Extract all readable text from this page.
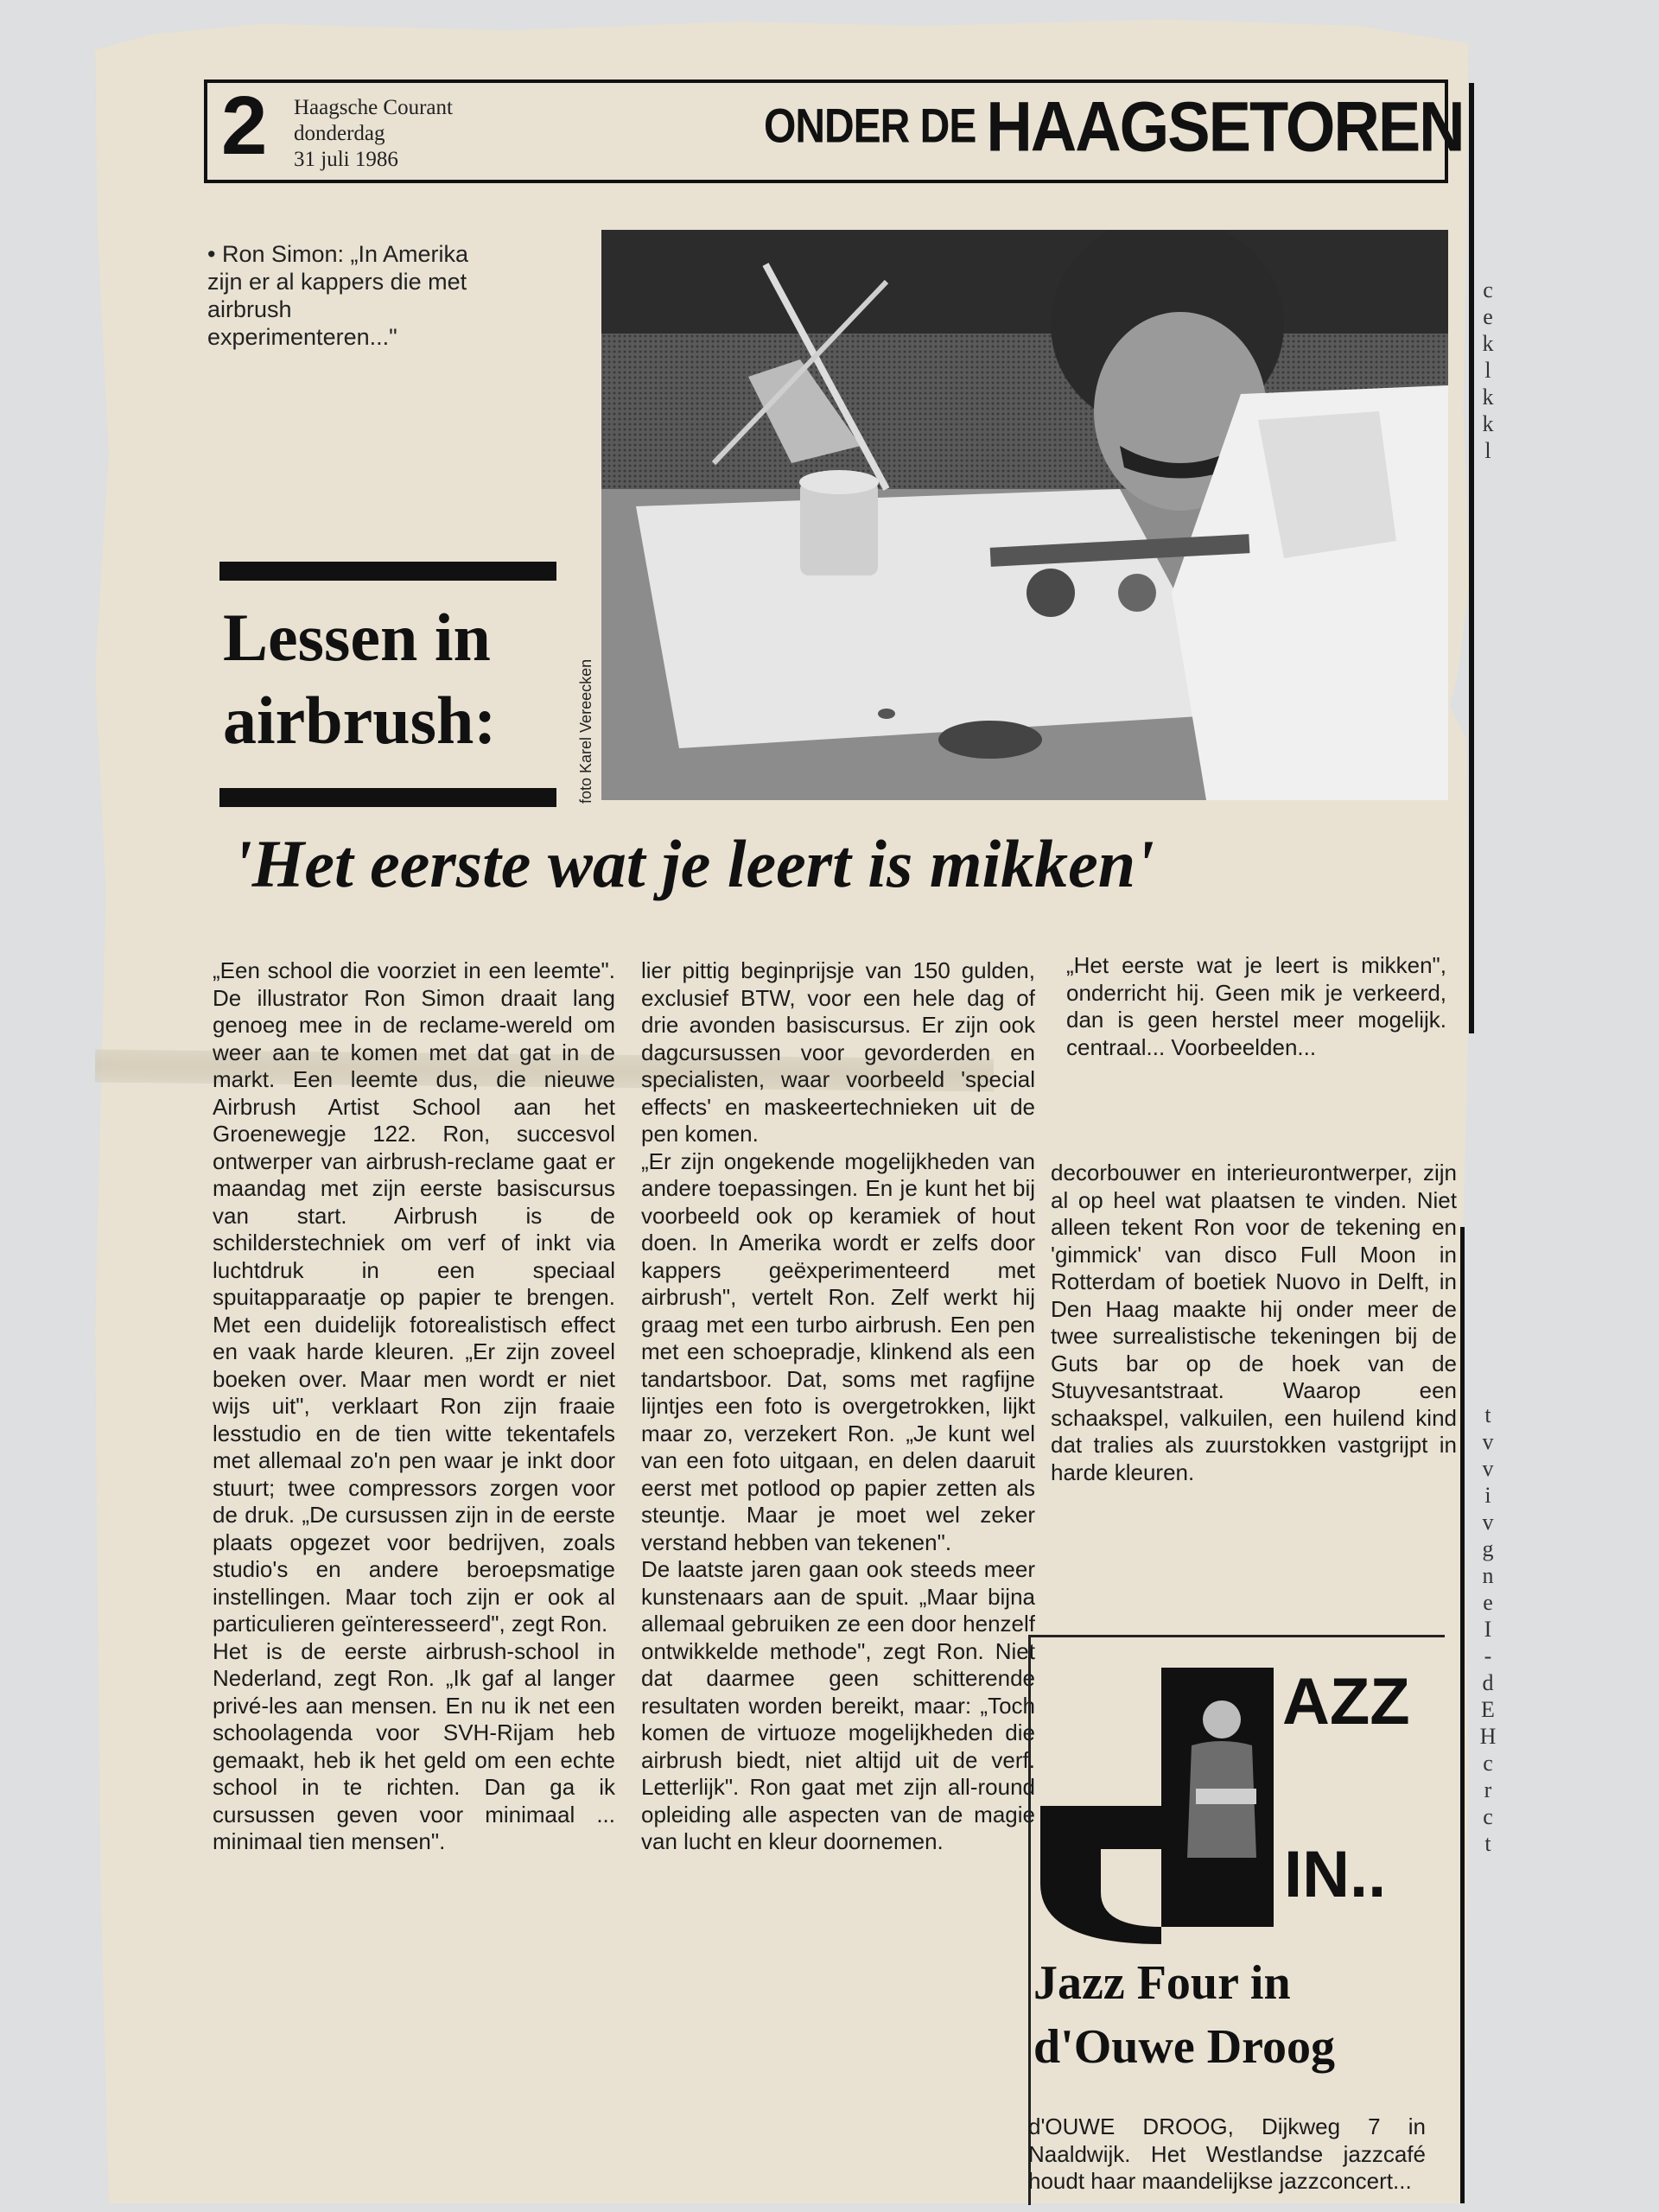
2 Haagsche Courant
donderdag
31 juli 1986
ONDER DE HAAGSETOREN
• Ron Simon: „In Amerika zijn er al kappers die met airbrush experimenteren..."
foto Karel Vereecken
Lessen in
airbrush:
'Het eerste wat je leert is mikken'
„Een school die voorziet in een leemte". De illustrator Ron Simon draait lang genoeg mee in de reclame-wereld om weer aan te komen met dat gat in de markt. Een leemte dus, die nieuwe Airbrush Artist School aan het Groenewegje 122. Ron, succesvol ontwerper van airbrush-reclame gaat er maandag met zijn eerste basiscursus van start. Airbrush is de schilderstechniek om verf of inkt via luchtdruk in een speciaal spuitapparaatje op papier te brengen. Met een duidelijk fotorealistisch effect en vaak harde kleuren. „Er zijn zoveel boeken over. Maar men wordt er niet wijs uit", verklaart Ron zijn fraaie lesstudio en de tien witte tekentafels met allemaal zo'n pen waar je inkt door stuurt; twee compressors zorgen voor de druk. „De cursussen zijn in de eerste plaats opgezet voor bedrijven, zoals studio's en andere beroepsmatige instellingen. Maar toch zijn er ook al particulieren geïnteresseerd", zegt Ron.
Het is de eerste airbrush-school in Nederland, zegt Ron. „Ik gaf al langer privé-les aan mensen. En nu ik net een schoolagenda voor SVH-Rijam heb gemaakt, heb ik het geld om een echte school in te richten. Dan ga ik cursussen geven voor minimaal ... minimaal tien mensen".
lier pittig beginprijsje van 150 gulden, exclusief BTW, voor een hele dag of drie avonden basiscursus. Er zijn ook dagcursussen voor gevorderden en specialisten, waar voorbeeld 'special effects' en maskeertechnieken uit de pen komen.
„Er zijn ongekende mogelijkheden van andere toepassingen. En je kunt het bij voorbeeld ook op keramiek of hout doen. In Amerika wordt er zelfs door kappers geëxperimenteerd met airbrush", vertelt Ron. Zelf werkt hij graag met een turbo airbrush. Een pen met een schoepradje, klinkend als een tandartsboor. Dat, soms met ragfijne lijntjes een foto is overgetrokken, lijkt maar zo, verzekert Ron. „Je kunt wel van een foto uitgaan, en delen daaruit eerst met potlood op papier zetten als steuntje. Maar je moet wel zeker verstand hebben van tekenen".
De laatste jaren gaan ook steeds meer kunstenaars aan de spuit. „Maar bijna allemaal gebruiken ze een door henzelf ontwikkelde methode", zegt Ron. Niet dat daarmee geen schitterende resultaten worden bereikt, maar: „Toch komen de virtuoze mogelijkheden die airbrush biedt, niet altijd uit de verf. Letterlijk". Ron gaat met zijn all-round opleiding alle aspecten van de magie van lucht en kleur doornemen.
„Het eerste wat je leert is mikken", onderricht hij. Geen mik je verkeerd, dan is geen herstel meer mogelijk. centraal... Voorbeelden...
decorbouwer en interieurontwerper, zijn al op heel wat plaatsen te vinden. Niet alleen tekent Ron voor de tekening en 'gimmick' van disco Full Moon in Rotterdam of boetiek Nuovo in Delft, in Den Haag maakte hij onder meer de twee surrealistische tekeningen bij de Guts bar op de hoek van de Stuyvesantstraat. Waarop een schaakspel, valkuilen, een huilend kind dat tralies als zuurstokken vastgrijpt in harde kleuren.
c
e
k
l
k
k
l

t
v
v
i
v
g
n
e
I
-
d
E
H
c
r
c
t
AZZ
IN..
Jazz Four in
d'Ouwe Droog
d'OUWE DROOG, Dijkweg 7 in Naaldwijk. Het Westlandse jazzcafé houdt haar maandelijkse jazzconcert...
